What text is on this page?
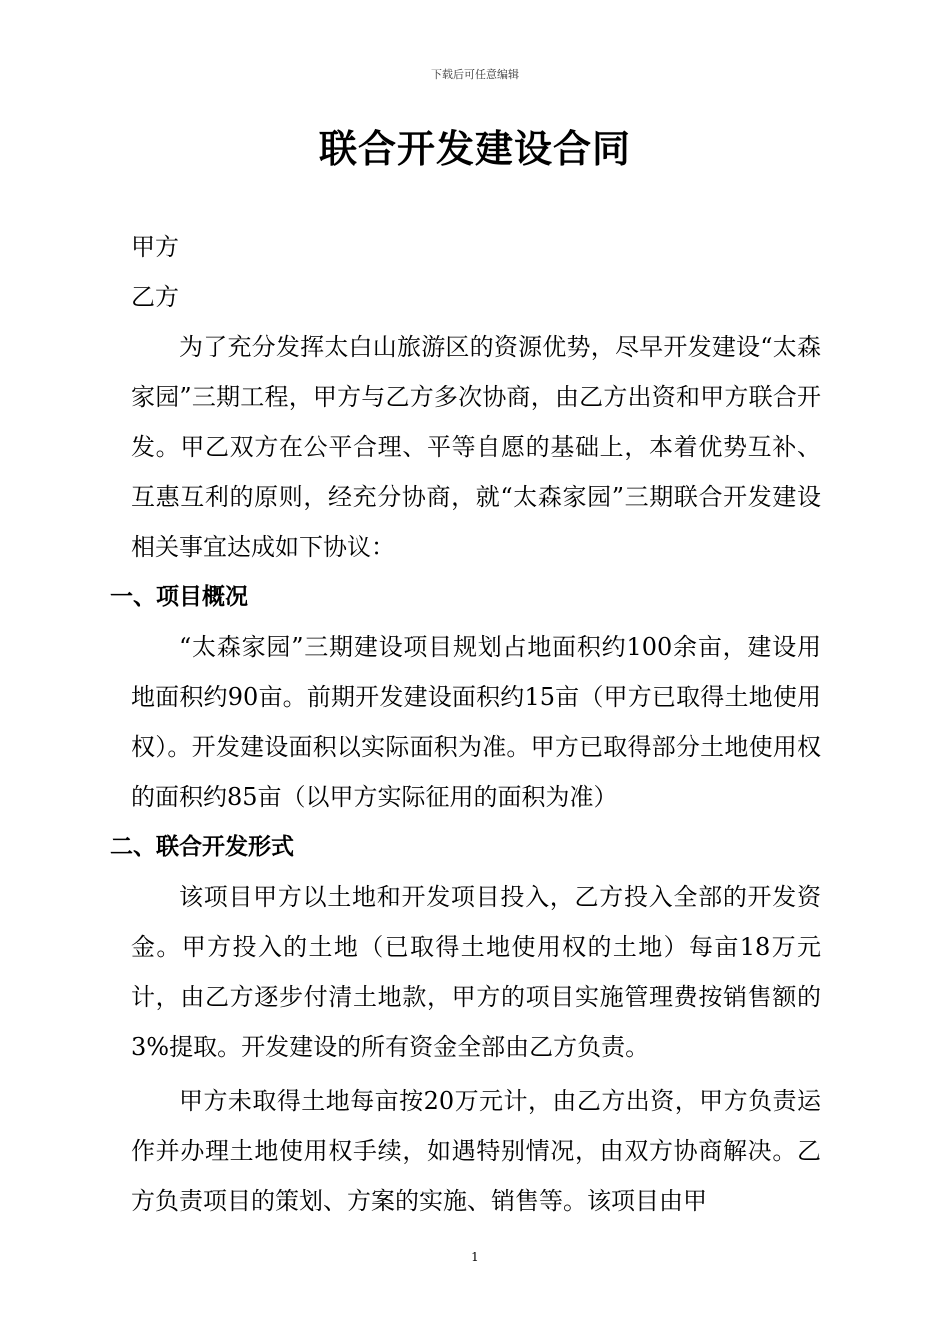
下载后可任意编辑
联合开发建设合同

甲方

乙方

为了充分发挥太白山旅游区的资源优势，尽早开发建设“太森家园”三期工程，甲方与乙方多次协商，由乙方出资和甲方联合开发。甲乙双方在公平合理、平等自愿的基础上，本着优势互补、互惠互利的原则，经充分协商，就“太森家园”三期联合开发建设相关事宜达成如下协议：

一、项目概况

“太森家园”三期建设项目规划占地面积约100余亩，建设用地面积约90亩。前期开发建设面积约15亩（甲方已取得土地使用权）。开发建设面积以实际面积为准。甲方已取得部分土地使用权的面积约85亩（以甲方实际征用的面积为准）

二、联合开发形式

该项目甲方以土地和开发项目投入，乙方投入全部的开发资金。甲方投入的土地（已取得土地使用权的土地）每亩18万元计，由乙方逐步付清土地款，甲方的项目实施管理费按销售额的3%提取。开发建设的所有资金全部由乙方负责。

甲方未取得土地每亩按20万元计，由乙方出资，甲方负责运作并办理土地使用权手续，如遇特别情况，由双方协商解决。乙方负责项目的策划、方案的实施、销售等。该项目由甲

1
